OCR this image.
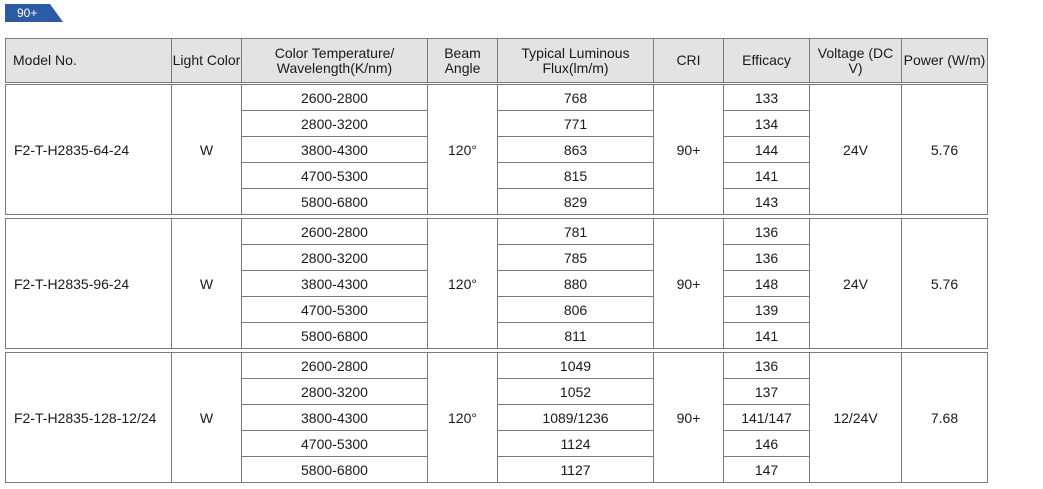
90+
Model No.	Light Color	Color Temperature/ Wavelength(K/nm)	Beam Angle	Typical Luminous Flux(lm/m)	CRI	Efficacy	Voltage (DC V)	Power (W/m)
F2-T-H2835-64-24	W	2600-2800	120°	768	90+	133	24V	5.76
		2800-3200		771		134		
		3800-4300		863		144		
		4700-5300		815		141		
		5800-6800		829		143		
F2-T-H2835-96-24	W	2600-2800	120°	781	90+	136	24V	5.76
		2800-3200		785		136		
		3800-4300		880		148		
		4700-5300		806		139		
		5800-6800		811		141		
F2-T-H2835-128-12/24	W	2600-2800	120°	1049	90+	136	12/24V	7.68
		2800-3200		1052		137		
		3800-4300		1089/1236		141/147		
		4700-5300		1124		146		
		5800-6800		1127		147		
